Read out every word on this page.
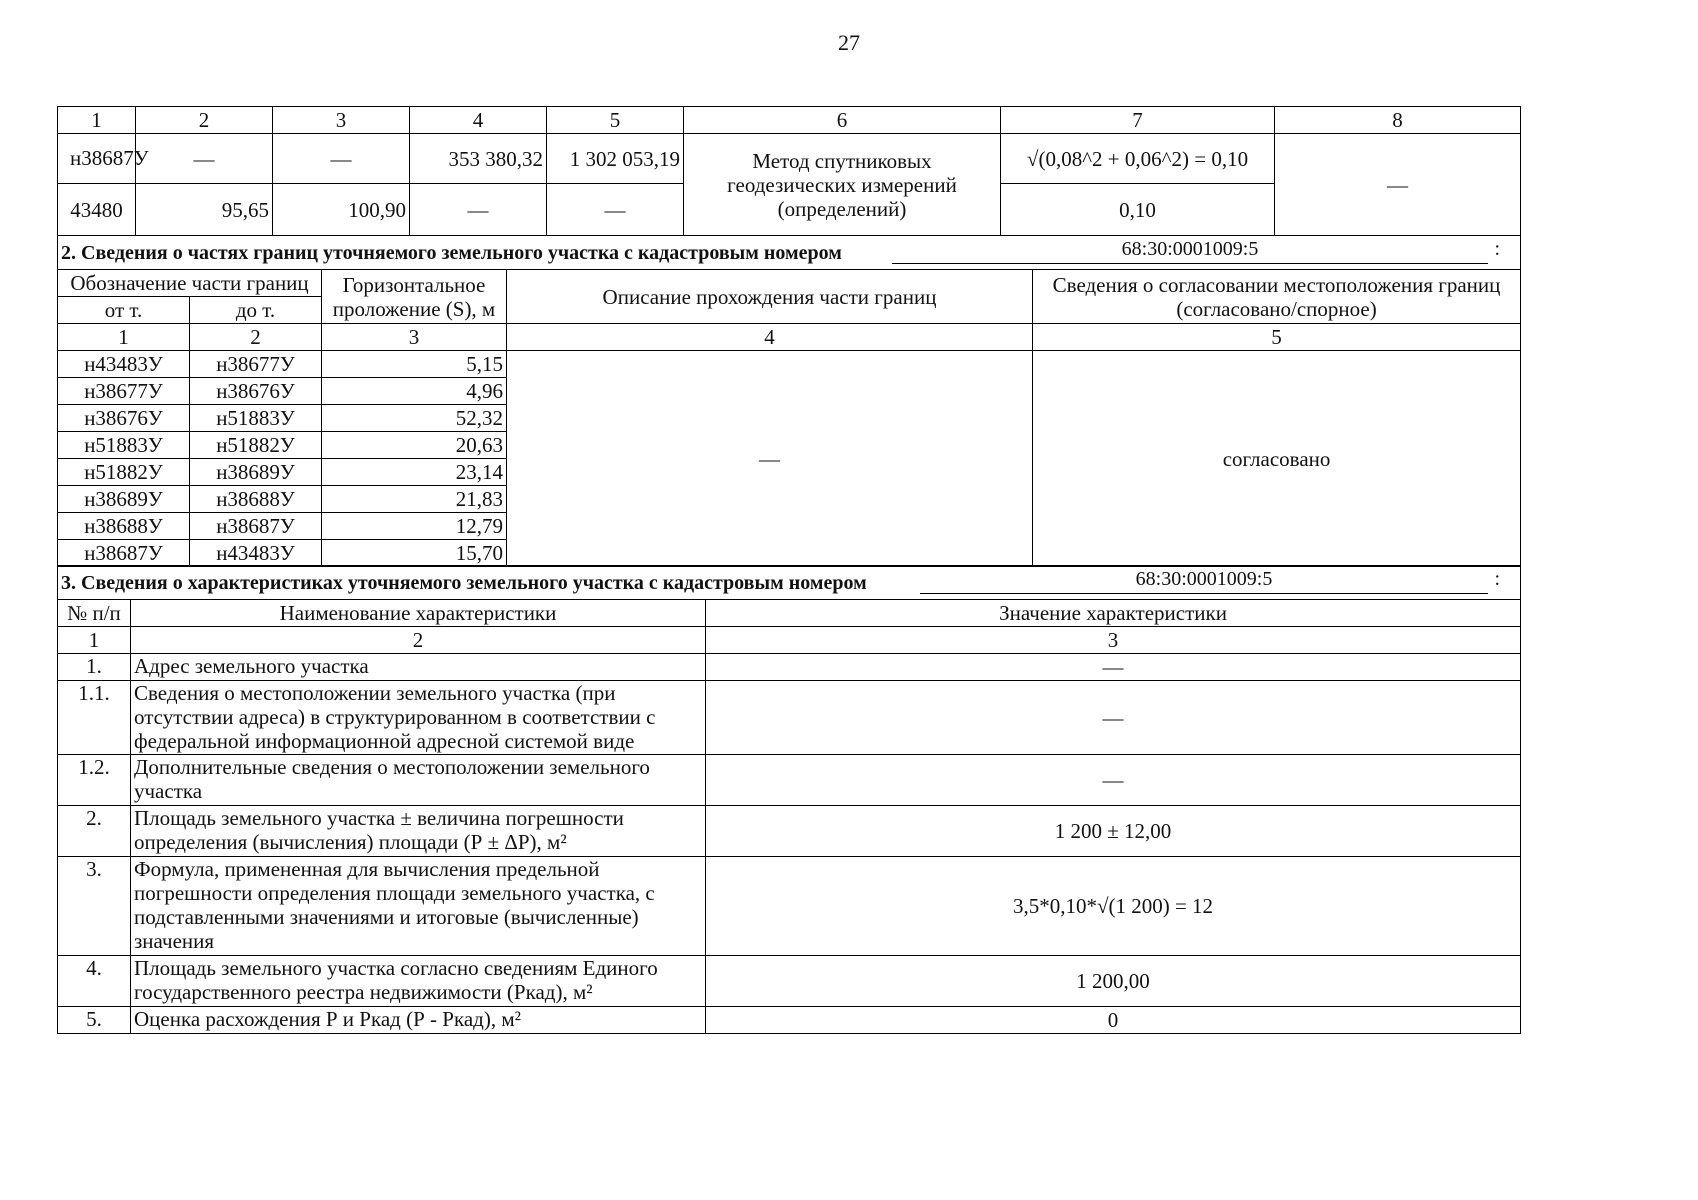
27
1	2	3	4	5	6	7	8
н38687У	—	—	353 380,32	1 302 053,19	Метод спутниковых геодезических измерений (определений)	√(0,08^2 + 0,06^2) = 0,10	—
43480	95,65	100,90	—	—		0,10	
2. Сведения о частях границ уточняемого земельного участка с кадастровым номером 68:30:0001009:5 :				

Обозначение части границ		Горизонтальное проложение (S), м	Описание прохождения части границ	Сведения о согласовании местоположения границ (согласовано/спорное)
от т.	до т.			
1	2	3	4	5
н43483У	н38677У	5,15	—	согласовано
н38677У	н38676У	4,96		
н38676У	н51883У	52,32		
н51883У	н51882У	20,63		
н51882У	н38689У	23,14		
н38689У	н38688У	21,83		
н38688У	н38687У	12,79		
н38687У	н43483У	15,70		
3. Сведения о характеристиках уточняемого земельного участка с кадастровым номером 68:30:0001009:5 :		

№ п/п	Наименование характеристики	Значение характеристики
1	2	3
1.	Адрес земельного участка	—
1.1.	Сведения о местоположении земельного участка (при отсутствии адреса) в структурированном в соответствии с федеральной информационной адресной системой виде	—
1.2.	Дополнительные сведения о местоположении земельного участка	—
2.	Площадь земельного участка ± величина погрешности определения (вычисления) площади (Р ± ΔР), м²	1 200 ± 12,00
3.	Формула, примененная для вычисления предельной погрешности определения площади земельного участка, с подставленными значениями и итоговые (вычисленные) значения	3,5*0,10*√(1 200) = 12
4.	Площадь земельного участка согласно сведениям Единого государственного реестра недвижимости (Ркад), м²	1 200,00
5.	Оценка расхождения Р и Ркад (Р - Ркад), м²	0
